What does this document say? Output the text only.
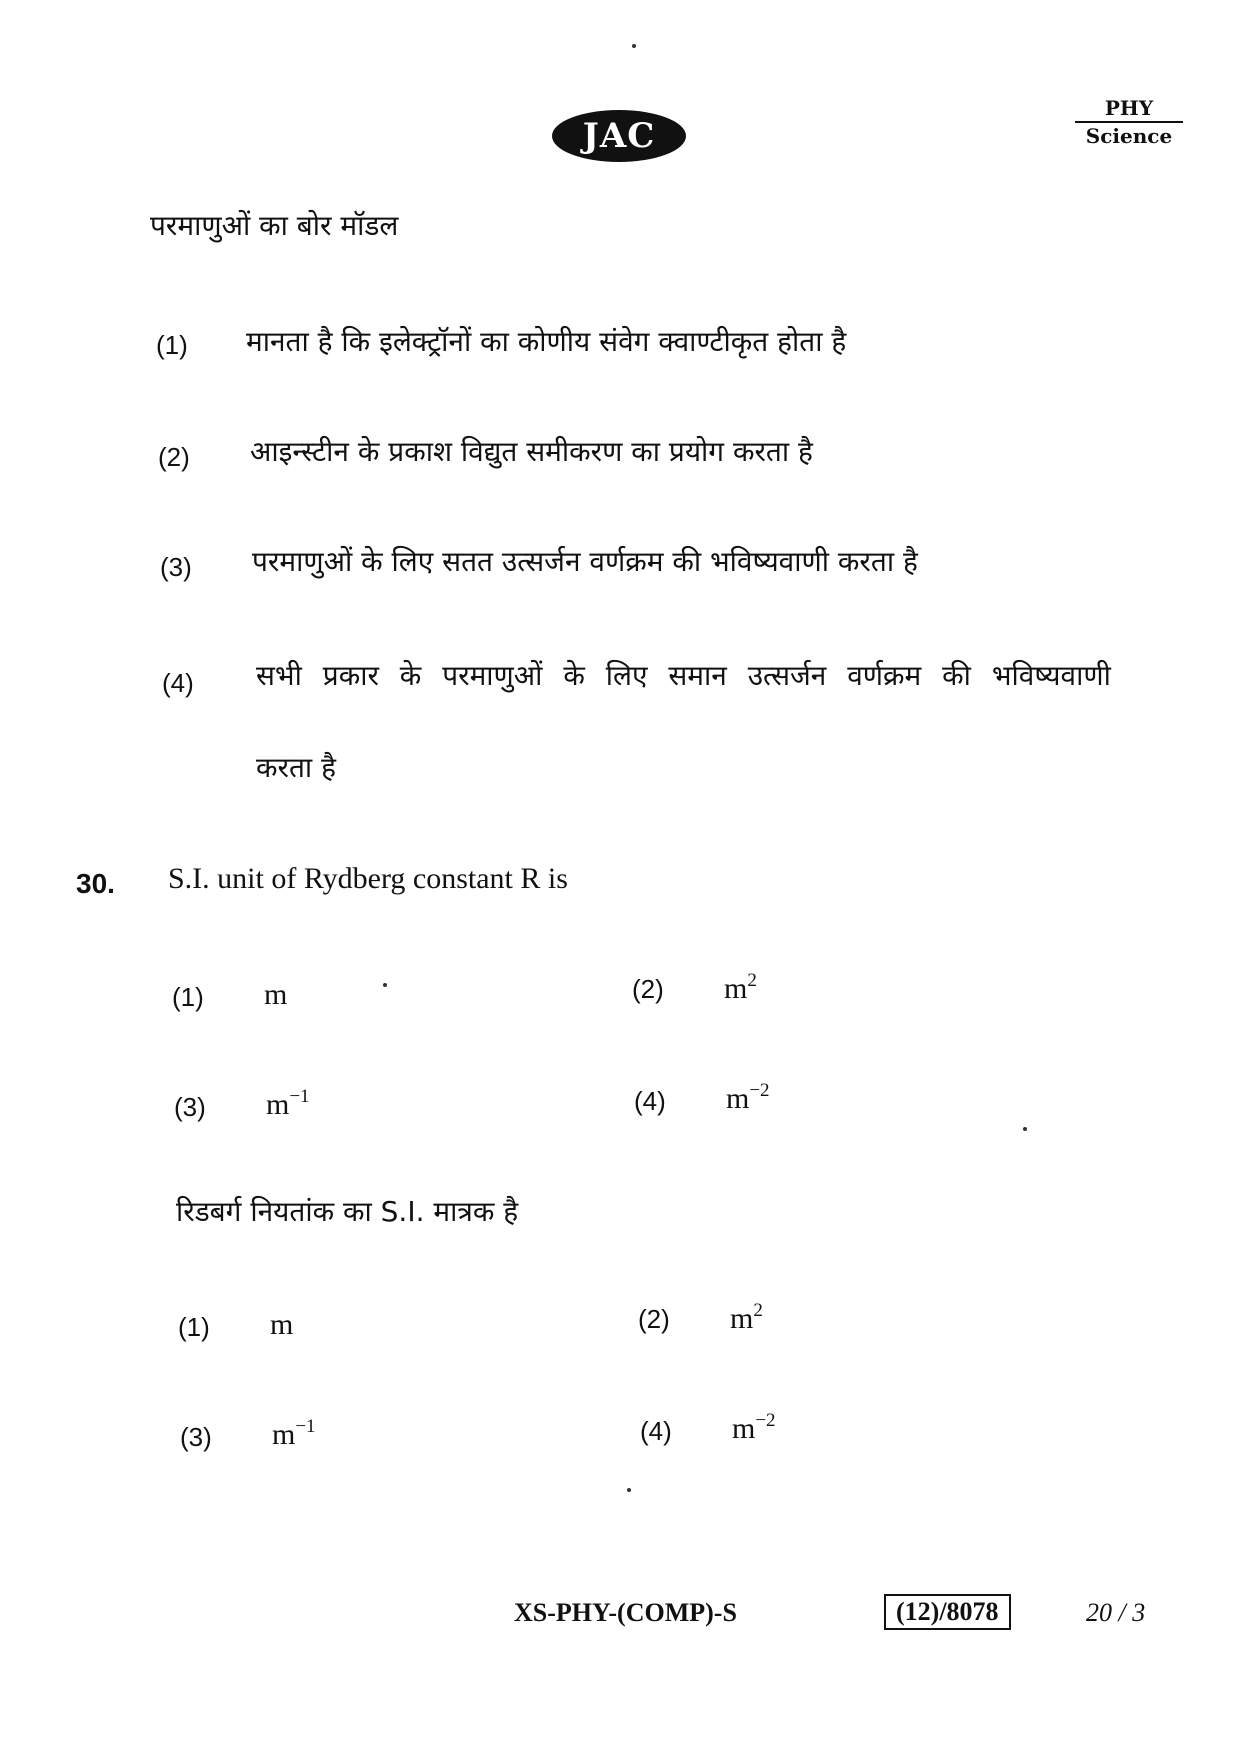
JAC
PHY
Science
परमाणुओं का बोर मॉडल
(1) मानता है कि इलेक्ट्रॉनों का कोणीय संवेग क्वाण्टीकृत होता है
(2) आइन्स्टीन के प्रकाश विद्युत समीकरण का प्रयोग करता है
(3) परमाणुओं के लिए सतत उत्सर्जन वर्णक्रम की भविष्यवाणी करता है
(4) सभी प्रकार के परमाणुओं के लिए समान उत्सर्जन वर्णक्रम की भविष्यवाणी
करता है
30. S.I. unit of Rydberg constant R is
(1) m	(2) $m^2$
(3) $m^{-1}$	(4) $m^{-2}$
रिडबर्ग नियतांक का S.I. मात्रक है
(1) m	(2) $m^2$
(3) $m^{-1}$	(4) $m^{-2}$
XS-PHY-(COMP)-S	(12)/8078	20 / 3
